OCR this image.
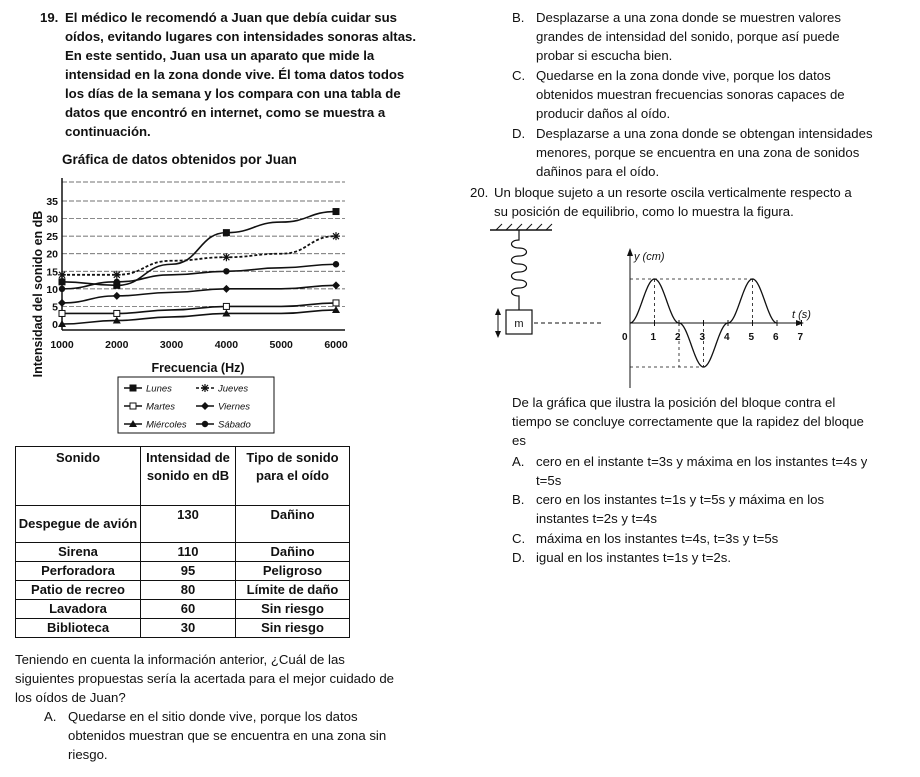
19. El médico le recomendó a Juan que debía cuidar sus
oídos, evitando lugares con intensidades sonoras altas.
En este sentido, Juan usa un aparato que mide la
intensidad en la zona donde vive. Él toma datos todos
los días de la semana y los compara con una tabla de
datos que encontró en internet, como se muestra a
continuación.
Gráfica de datos obtenidos por Juan
Intensidad del sonido en dB	Frecuencia (Hz)
0
5
10
15
20
25
30
35
1000	2000	3000	4000	5000	6000
Lunes	Jueves
Martes	Viernes
Miércoles	Sábado
Sonido	Intensidad de sonido en dB	Tipo de sonido para el oído
Despegue de avión	130	Dañino
Sirena	110	Dañino
Perforadora	95	Peligroso
Patio de recreo	80	Límite de daño
Lavadora	60	Sin riesgo
Biblioteca	30	Sin riesgo
Teniendo en cuenta la información anterior, ¿Cuál de las
siguientes propuestas sería la acertada para el mejor cuidado de
los oídos de Juan?
A. Quedarse en el sitio donde vive, porque los datos
obtenidos muestran que se encuentra en una zona sin
riesgo.
B. Desplazarse a una zona donde se muestren valores
grandes de intensidad del sonido, porque así puede
probar si escucha bien.
C. Quedarse en la zona donde vive, porque los datos
obtenidos muestran frecuencias sonoras capaces de
producir daños al oído.
D. Desplazarse a una zona donde se obtengan intensidades
menores, porque se encuentra en una zona de sonidos
dañinos para el oído.
20. Un bloque sujeto a un resorte oscila verticalmente respecto a
su posición de equilibrio, como lo muestra la figura.
m
y (cm)
t (s)
0 1 2 3 4 5 6 7
De la gráfica que ilustra la posición del bloque contra el
tiempo se concluye correctamente que la rapidez del bloque
es
A. cero en el instante t=3s y máxima en los instantes t=4s y
t=5s
B. cero en los instantes t=1s y t=5s y máxima en los
instantes t=2s y t=4s
C. máxima en los instantes t=4s, t=3s y t=5s
D. igual en los instantes t=1s y t=2s.
